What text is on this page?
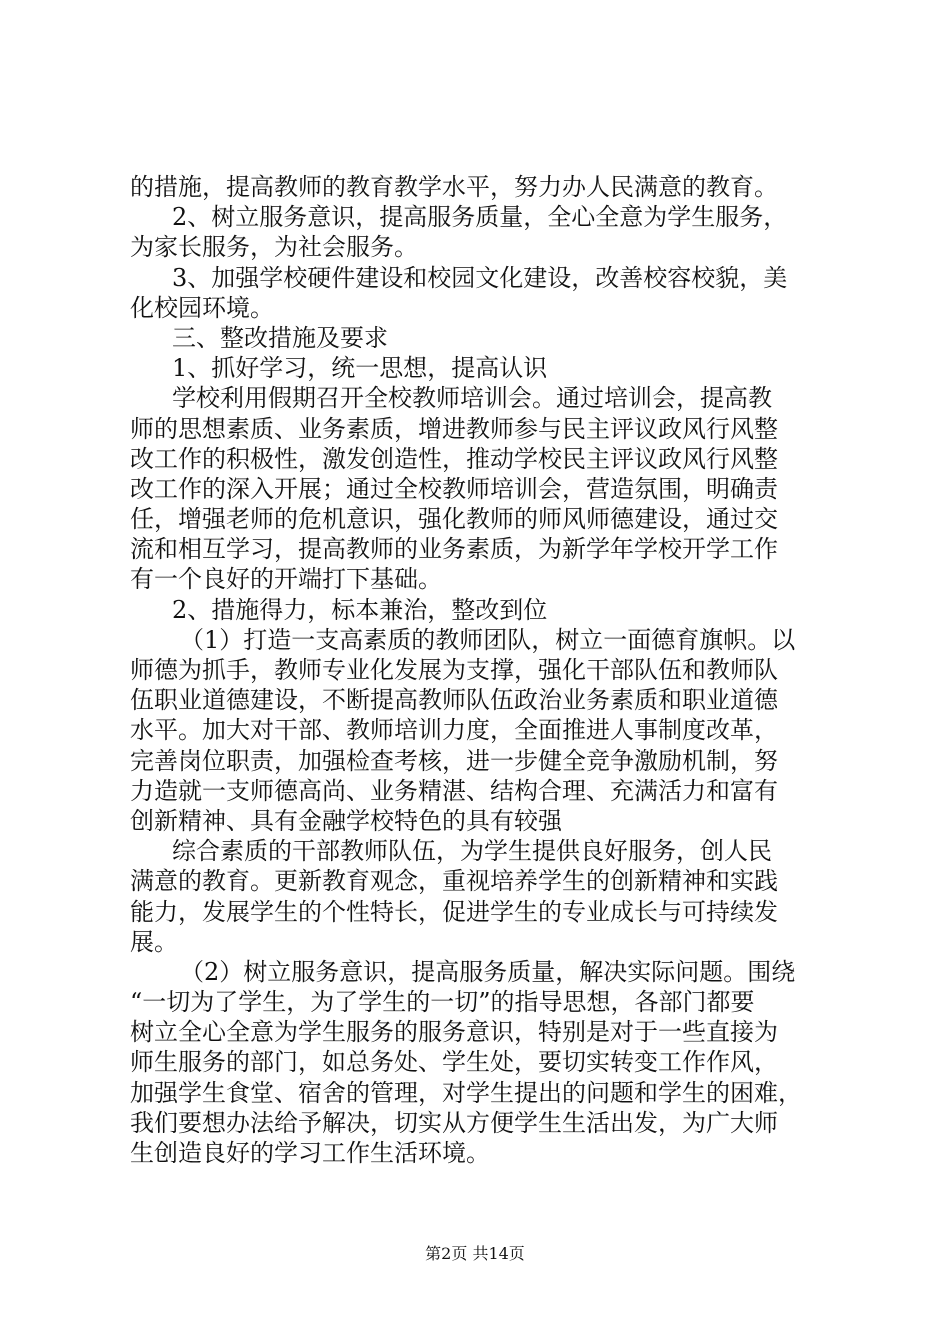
的措施，提高教师的教育教学水平，努力办人民满意的教育。
2、树立服务意识，提高服务质量，全心全意为学生服务，
为家长服务，为社会服务。
3、加强学校硬件建设和校园文化建设，改善校容校貌，美
化校园环境。
三、整改措施及要求
1、抓好学习，统一思想，提高认识
学校利用假期召开全校教师培训会。通过培训会，提高教
师的思想素质、业务素质，增进教师参与民主评议政风行风整
改工作的积极性，激发创造性，推动学校民主评议政风行风整
改工作的深入开展；通过全校教师培训会，营造氛围，明确责
任，增强老师的危机意识，强化教师的师风师德建设，通过交
流和相互学习，提高教师的业务素质，为新学年学校开学工作
有一个良好的开端打下基础。
2、措施得力，标本兼治，整改到位
（1）打造一支高素质的教师团队，树立一面德育旗帜。以
师德为抓手，教师专业化发展为支撑，强化干部队伍和教师队
伍职业道德建设，不断提高教师队伍政治业务素质和职业道德
水平。加大对干部、教师培训力度，全面推进人事制度改革，
完善岗位职责，加强检查考核，进一步健全竞争激励机制，努
力造就一支师德高尚、业务精湛、结构合理、充满活力和富有
创新精神、具有金融学校特色的具有较强
综合素质的干部教师队伍，为学生提供良好服务，创人民
满意的教育。更新教育观念，重视培养学生的创新精神和实践
能力，发展学生的个性特长，促进学生的专业成长与可持续发
展。
（2）树立服务意识，提高服务质量，解决实际问题。围绕
“一切为了学生，为了学生的一切”的指导思想，各部门都要
树立全心全意为学生服务的服务意识，特别是对于一些直接为
师生服务的部门，如总务处、学生处，要切实转变工作作风，
加强学生食堂、宿舍的管理，对学生提出的问题和学生的困难，
我们要想办法给予解决，切实从方便学生生活出发，为广大师
生创造良好的学习工作生活环境。
第2页 共14页
